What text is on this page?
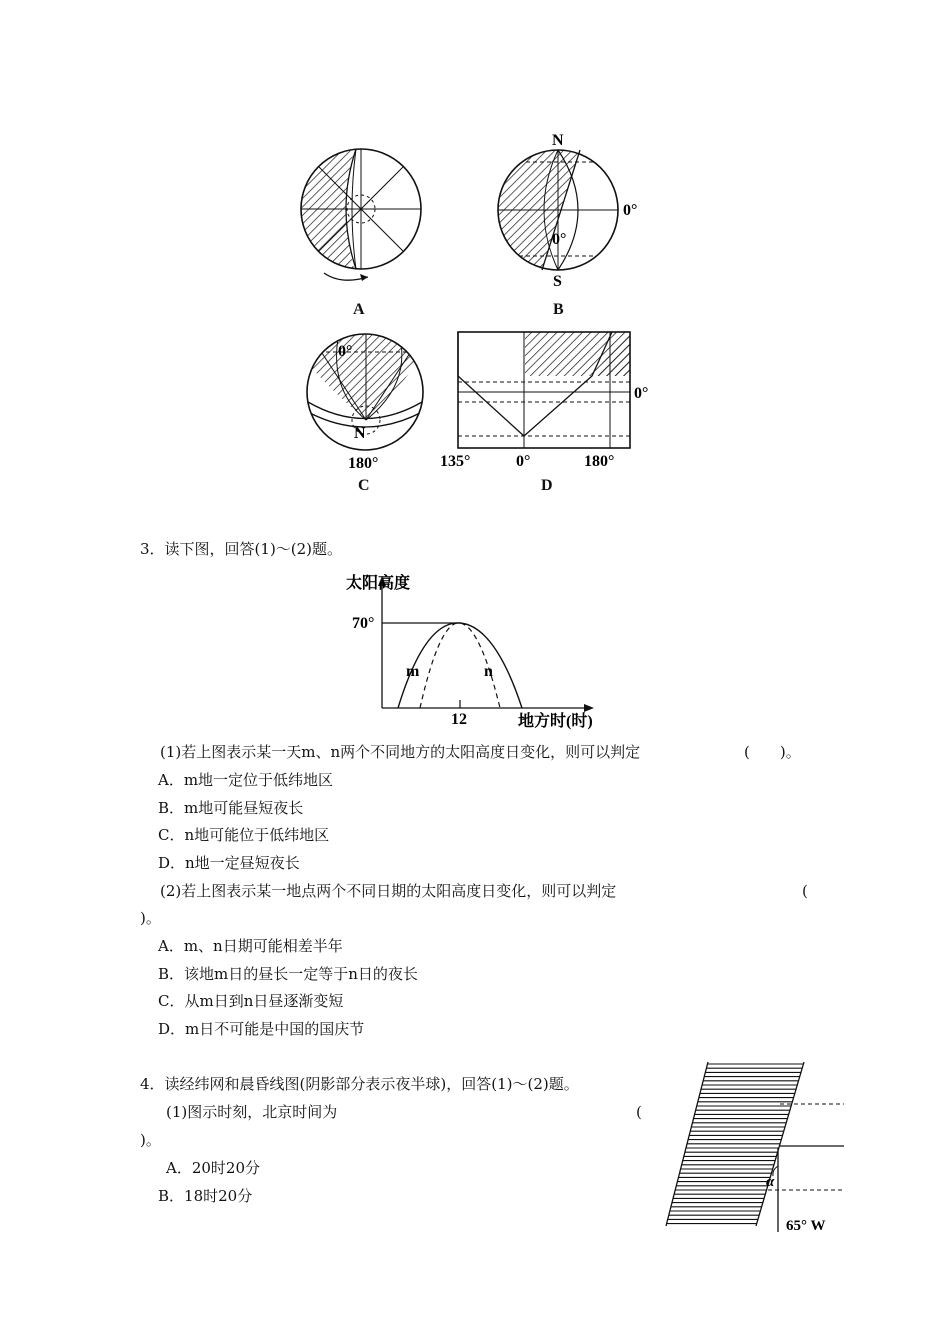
A
N
S
0°
0°
B
0°
N
180°
C
0°
135°	0°	180°
D
3．读下图，回答(1)～(2)题。
太阳高度
70°
12	地方时(时)
m	n
(1)若上图表示某一天m、n两个不同地方的太阳高度日变化，则可以判定	(　　)。
A．m地一定位于低纬地区
B．m地可能昼短夜长
C．n地可能位于低纬地区
D．n地一定昼短夜长
(2)若上图表示某一地点两个不同日期的太阳高度日变化，则可以判定	(
)。
A．m、n日期可能相差半年
B．该地m日的昼长一定等于n日的夜长
C．从m日到n日昼逐渐变短
D．m日不可能是中国的国庆节
4．读经纬网和晨昏线图(阴影部分表示夜半球)，回答(1)～(2)题。
(1)图示时刻，北京时间为	(
)。
A．20时20分
B．18时20分
α
65° W
